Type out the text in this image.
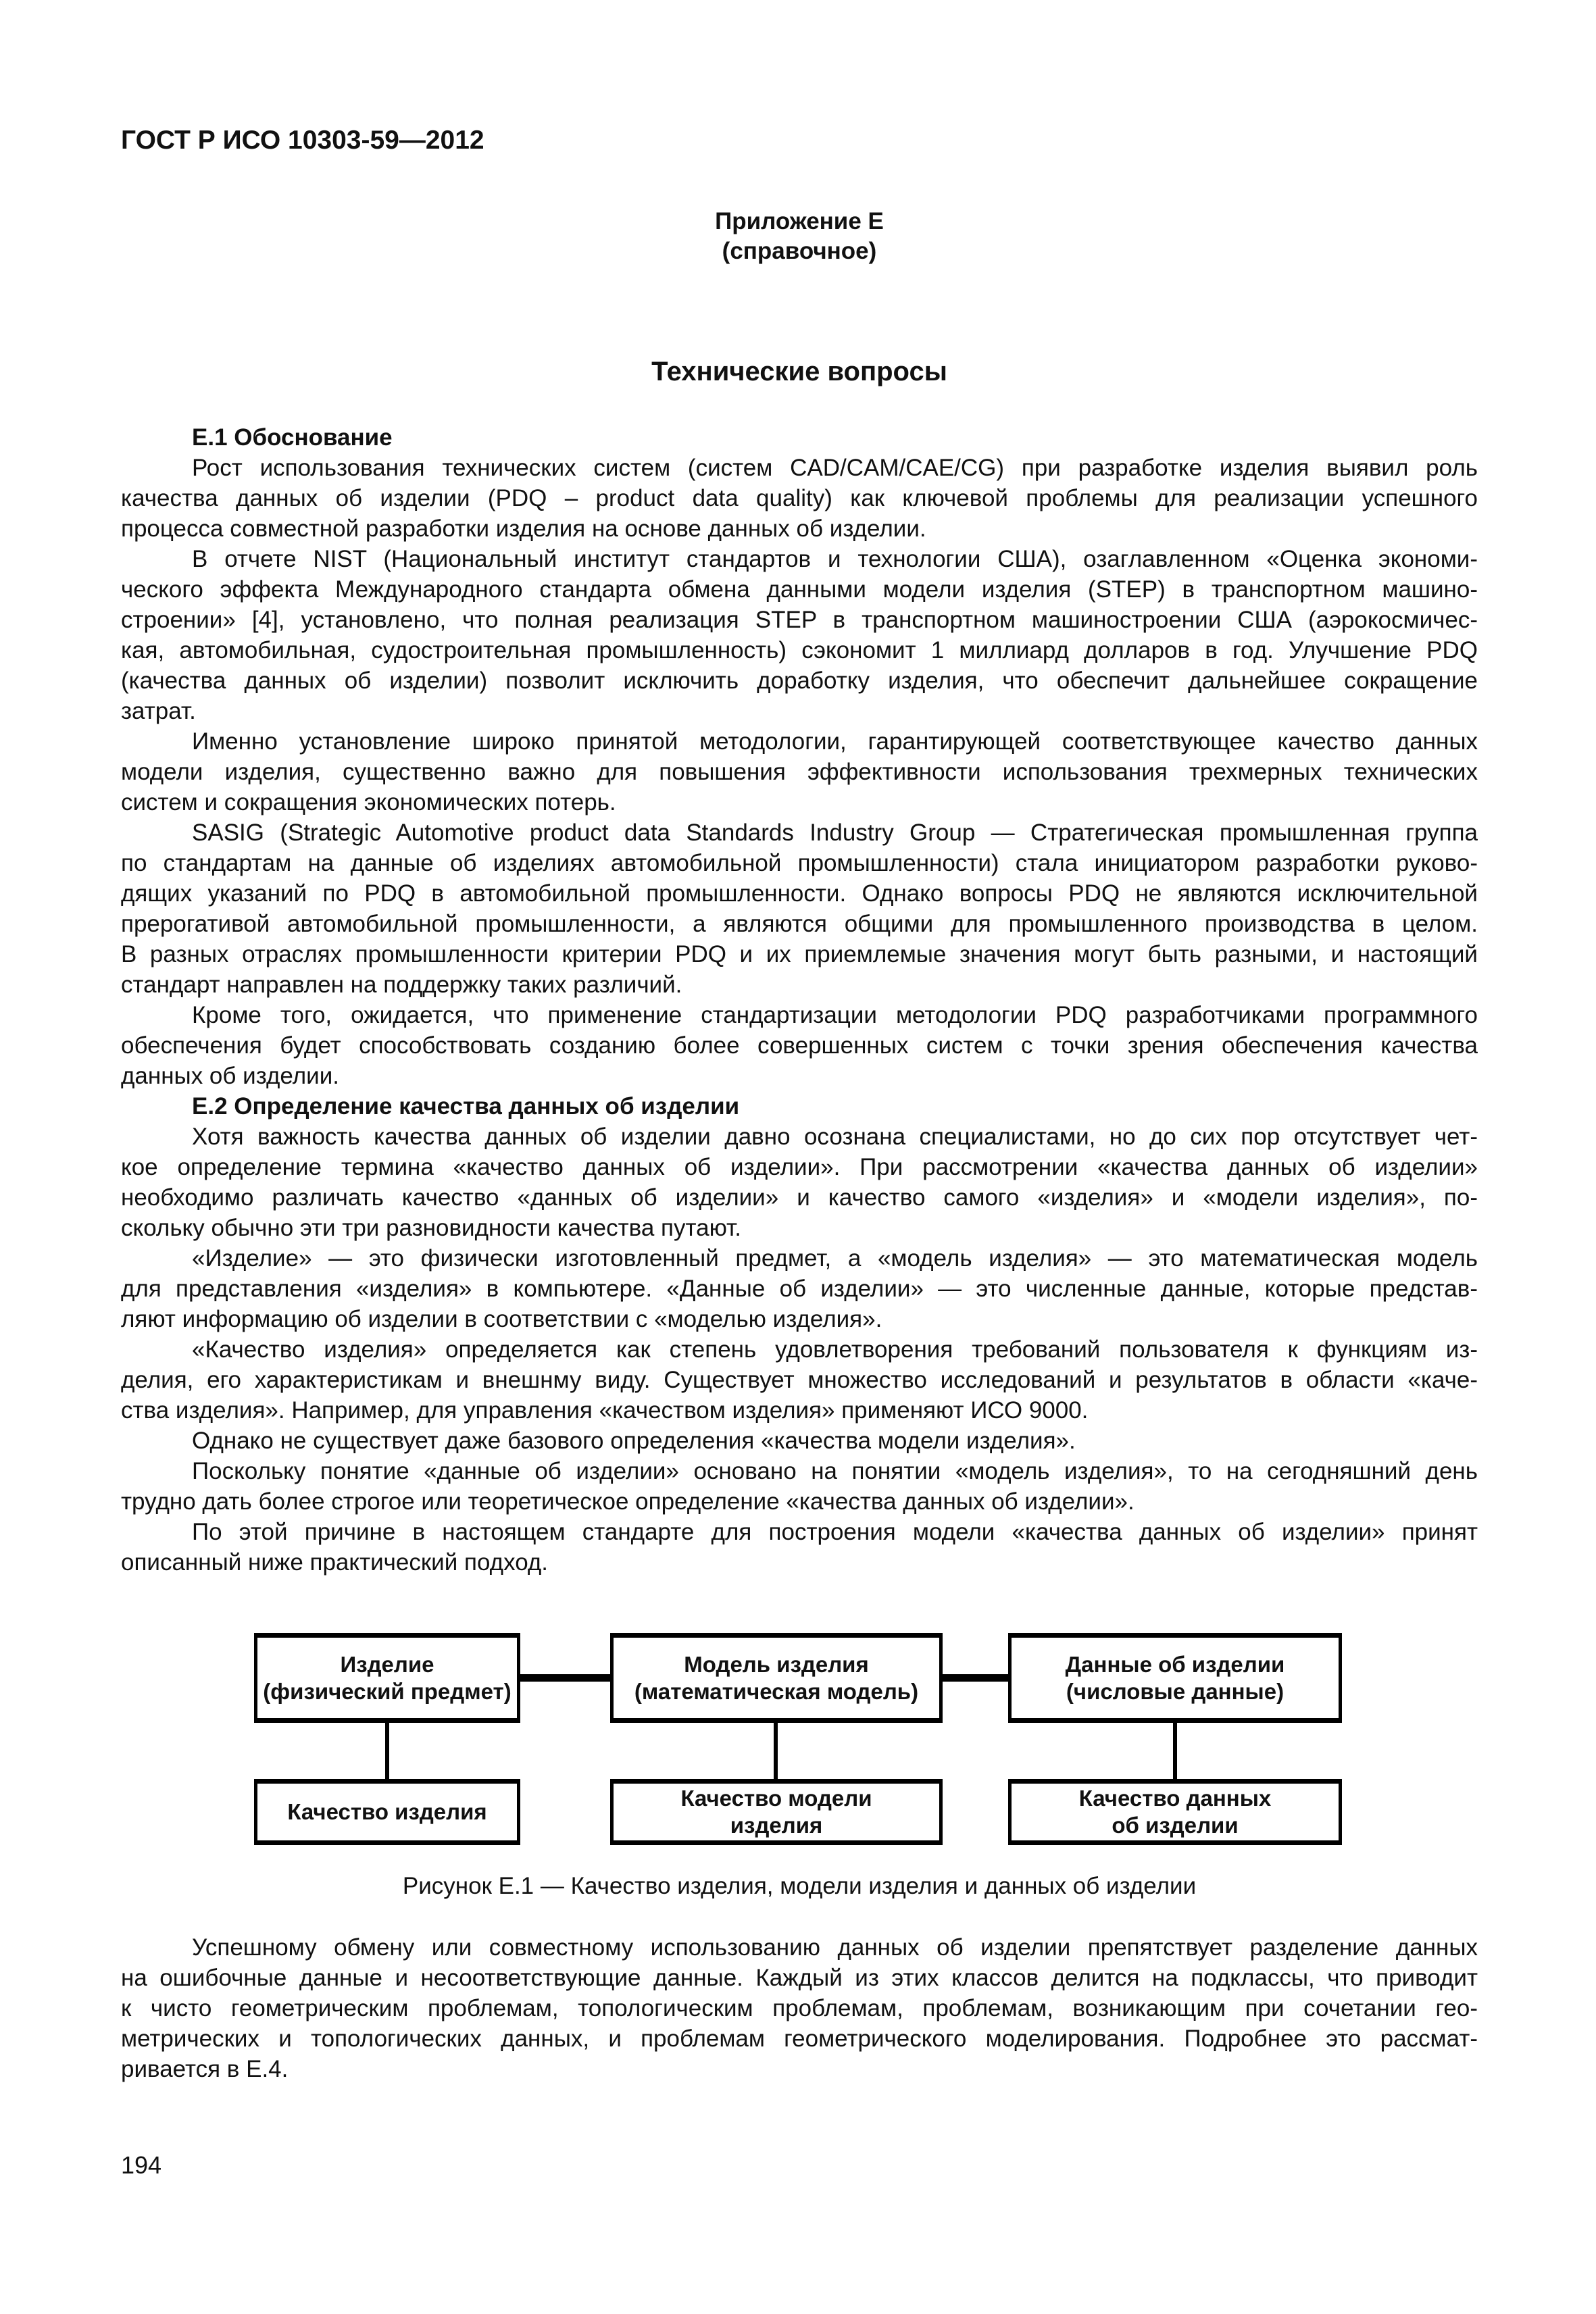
ГОСТ Р ИСО 10303-59—2012
Приложение Е
(справочное)
Технические вопросы
Е.1 Обоснование
Рост использования технических систем (систем CAD/CAM/CAE/CG) при разработке изделия выявил роль
качества данных об изделии (PDQ – product data quality) как ключевой проблемы для реализации успешного
процесса совместной разработки изделия на основе данных об изделии.
В отчете NIST (Национальный институт стандартов и технологии США), озаглавленном «Оценка экономи-
ческого эффекта Международного стандарта обмена данными модели изделия (STEP) в транспортном машино-
строении» [4], установлено, что полная реализация STEP в транспортном машиностроении США (аэрокосмичес-
кая, автомобильная, судостроительная промышленность) сэкономит 1 миллиард долларов в год. Улучшение PDQ
(качества данных об изделии) позволит исключить доработку изделия, что обеспечит дальнейшее сокращение
затрат.
Именно установление широко принятой методологии, гарантирующей соответствующее качество данных
модели изделия, существенно важно для повышения эффективности использования трехмерных технических
систем и сокращения экономических потерь.
SASIG (Strategic Automotive product data Standards Industry Group — Стратегическая промышленная группа
по стандартам на данные об изделиях автомобильной промышленности) стала инициатором разработки руково-
дящих указаний по PDQ в автомобильной промышленности. Однако вопросы PDQ не являются исключительной
прерогативой автомобильной промышленности, а являются общими для промышленного производства в целом.
В разных отраслях промышленности критерии PDQ и их приемлемые значения могут быть разными, и настоящий
стандарт направлен на поддержку таких различий.
Кроме того, ожидается, что применение стандартизации методологии PDQ разработчиками программного
обеспечения будет способствовать созданию более совершенных систем с точки зрения обеспечения качества
данных об изделии.
Е.2 Определение качества данных об изделии
Хотя важность качества данных об изделии давно осознана специалистами, но до сих пор отсутствует чет-
кое определение термина «качество данных об изделии». При рассмотрении «качества данных об изделии»
необходимо различать качество «данных об изделии» и качество самого «изделия» и «модели изделия», по-
скольку обычно эти три разновидности качества путают.
«Изделие» — это физически изготовленный предмет, а «модель изделия» — это математическая модель
для представления «изделия» в компьютере. «Данные об изделии» — это численные данные, которые представ-
ляют информацию об изделии в соответствии с «моделью изделия».
«Качество изделия» определяется как степень удовлетворения требований пользователя к функциям из-
делия, его характеристикам и внешнму виду. Существует множество исследований и результатов в области «каче-
ства изделия». Например, для управления «качеством изделия» применяют ИСО 9000.
Однако не существует даже базового определения «качества модели изделия».
Поскольку понятие «данные об изделии» основано на понятии «модель изделия», то на сегодняшний день
трудно дать более строгое или теоретическое определение «качества данных об изделии».
По этой причине в настоящем стандарте для построения модели «качества данных об изделии» принят
описанный ниже практический подход.
Изделие
(физический предмет)
Модель изделия
(математическая модель)
Данные об изделии
(числовые данные)
Качество изделия
Качество модели
изделия
Качество данных
об изделии
Рисунок Е.1 — Качество изделия, модели изделия и данных об изделии
Успешному обмену или совместному использованию данных об изделии препятствует разделение данных
на ошибочные данные и несоответствующие данные. Каждый из этих классов делится на подклассы, что приводит
к чисто геометрическим проблемам, топологическим проблемам, проблемам, возникающим при сочетании гео-
метрических и топологических данных, и проблемам геометрического моделирования. Подробнее это рассмат-
ривается в Е.4.
194
